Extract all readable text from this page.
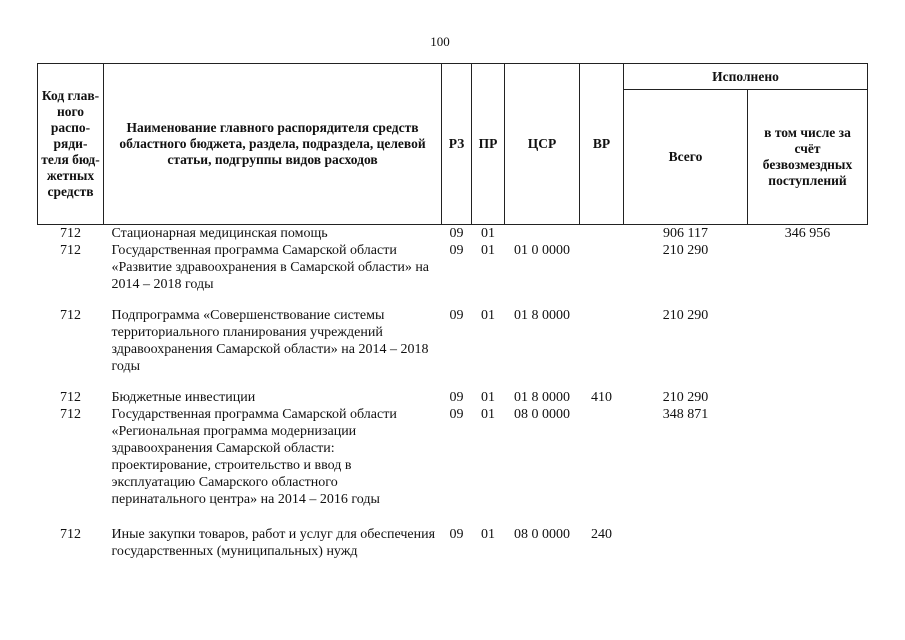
100
Код глав-ного распо-ряди-теля бюд-жетных средств	Наименование главного распорядителя средств областного бюджета, раздела, подраздела, целевой статьи, подгруппы видов расходов	РЗ	ПР	ЦСР	ВР	Исполнено	
						Всего	в том числе за счёт безвозмездных поступлений
712	Стационарная медицинская помощь	09	01			906 117	346 956
712	Государственная программа Самарской области «Развитие здравоохранения в Самарской области» на 2014 – 2018 годы	09	01	01 0 0000		210 290	

712	Подпрограмма «Совершенствование системы территориального планирования учреждений здравоохранения Самарской области» на 2014 – 2018 годы	09	01	01 8 0000		210 290	

712	Бюджетные инвестиции	09	01	01 8 0000	410	210 290	
712	Государственная программа Самарской области «Региональная программа модернизации здравоохранения Самарской области: проектирование, строительство и ввод в эксплуатацию Самарского областного перинатального центра» на 2014 – 2016 годы	09	01	08 0 0000		348 871	

712	Иные закупки товаров, работ и услуг для обеспечения государственных (муниципальных) нужд	09	01	08 0 0000	240		
